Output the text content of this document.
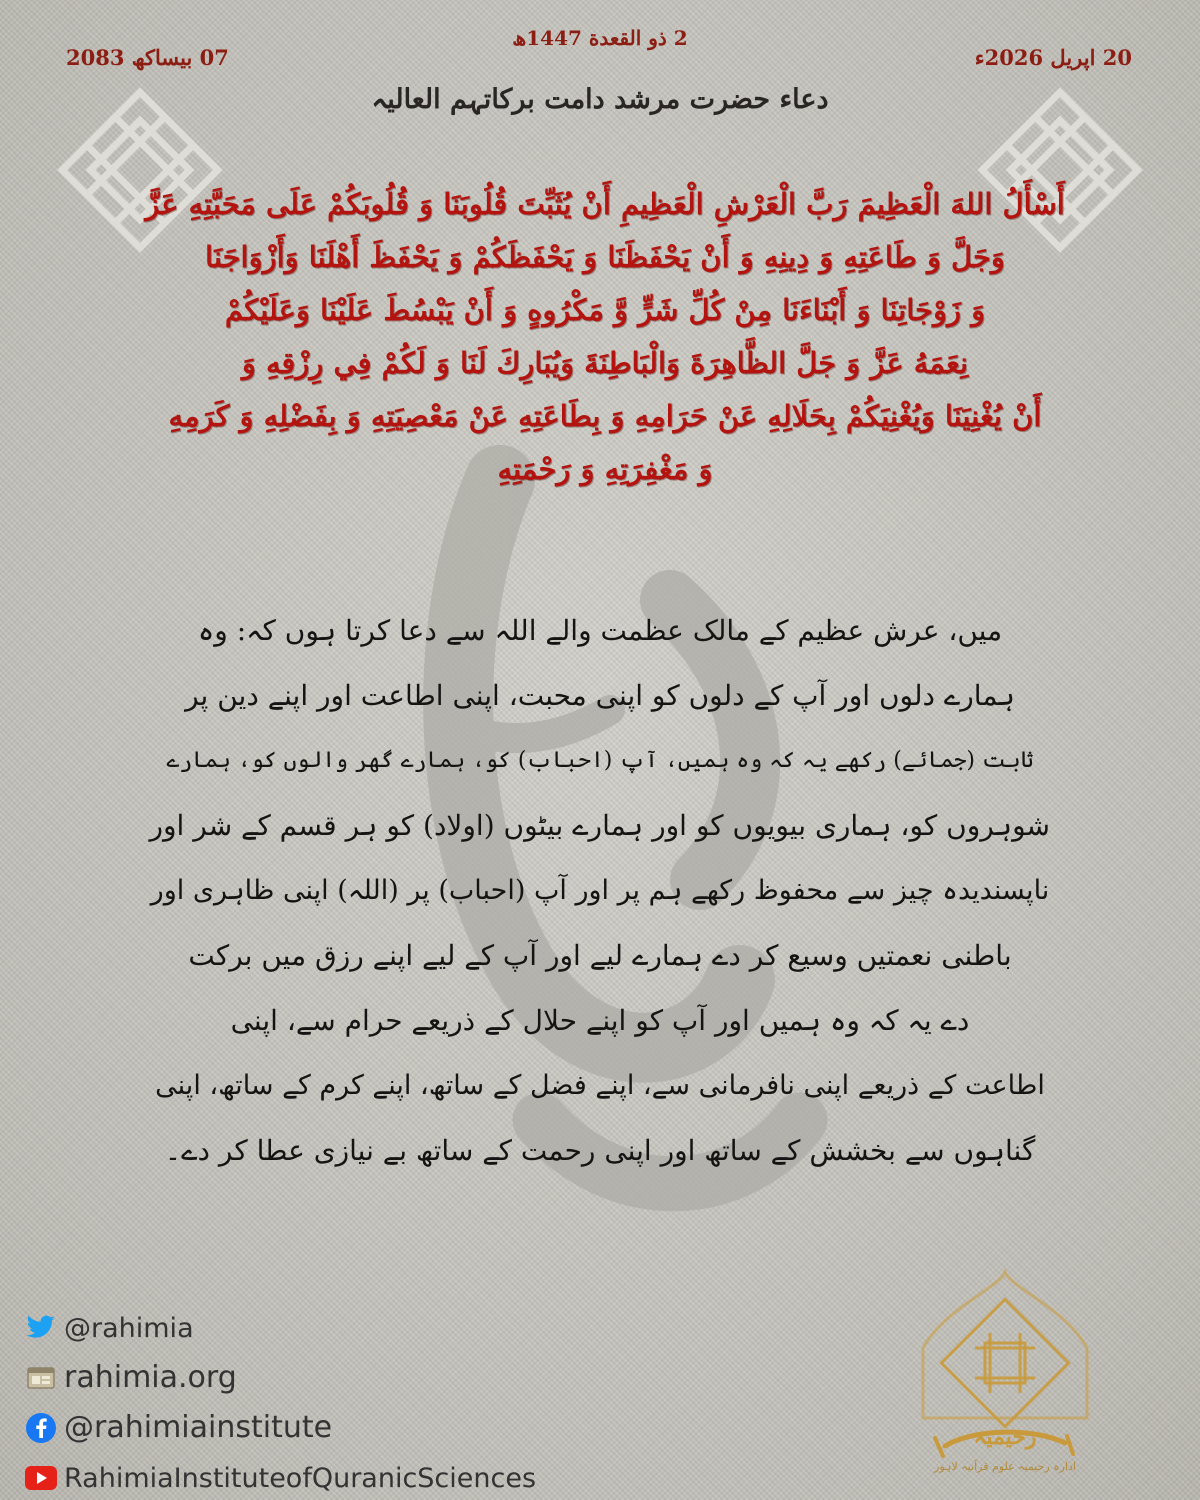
2 ذو القعدة 1447ھ
20 اپریل 2026ء
07 بیساکھ 2083
دعاء حضرت مرشد دامت برکاتہم العالیہ
أَسْأَلُ اللهَ الْعَظِيمَ رَبَّ الْعَرْشِ الْعَظِيمِ أَنْ يُثَبِّتَ قُلُوبَنَا وَ قُلُوبَكُمْ عَلَى مَحَبَّتِهِ عَزَّ
وَجَلَّ وَ طَاعَتِهِ وَ دِينِهِ وَ أَنْ يَحْفَظَنَا وَ يَحْفَظَكُمْ وَ يَحْفَظَ أَهْلَنَا وَأَزْوَاجَنَا
وَ زَوْجَاتِنَا وَ أَبْنَاءَنَا مِنْ كُلِّ شَرٍّ وَّ مَكْرُوهٍ وَ أَنْ يَبْسُطَ عَلَيْنَا وَعَلَيْكُمْ
نِعَمَهُ عَزَّ وَ جَلَّ الظَّاهِرَةَ وَالْبَاطِنَةَ وَيُبَارِكَ لَنَا وَ لَكُمْ فِي رِزْقِهِ وَ
أَنْ يُغْنِيَنَا وَيُغْنِيَكُمْ بِحَلَالِهِ عَنْ حَرَامِهِ وَ بِطَاعَتِهِ عَنْ مَعْصِيَتِهِ وَ بِفَضْلِهِ وَ كَرَمِهِ
وَ مَغْفِرَتِهِ وَ رَحْمَتِهِ
میں، عرش عظیم کے مالک عظمت والے اللہ سے دعا کرتا ہوں کہ: وہ
ہمارے دلوں اور آپ کے دلوں کو اپنی محبت، اپنی اطاعت اور اپنے دین پر
ثابت (جمائے) رکھے یہ کہ وہ ہمیں، آپ (احباب) کو، ہمارے گھر والوں کو، ہمارے
شوہروں کو، ہماری بیویوں کو اور ہمارے بیٹوں (اولاد) کو ہر قسم کے شر اور
ناپسندیدہ چیز سے محفوظ رکھے ہم پر اور آپ (احباب) پر (اللہ) اپنی ظاہری اور
باطنی نعمتیں وسیع کر دے ہمارے لیے اور آپ کے لیے اپنے رزق میں برکت
دے یہ کہ وہ ہمیں اور آپ کو اپنے حلال کے ذریعے حرام سے، اپنی
اطاعت کے ذریعے اپنی نافرمانی سے، اپنے فضل کے ساتھ، اپنے کرم کے ساتھ، اپنی
گناہوں سے بخشش کے ساتھ اور اپنی رحمت کے ساتھ بے نیازی عطا کر دے۔
@rahimia
rahimia.org
@rahimiainstitute
RahimiaInstituteofQuranicSciences
رحیمیہ
ادارہ رحیمیہ علوم قرآنیہ لاہور
